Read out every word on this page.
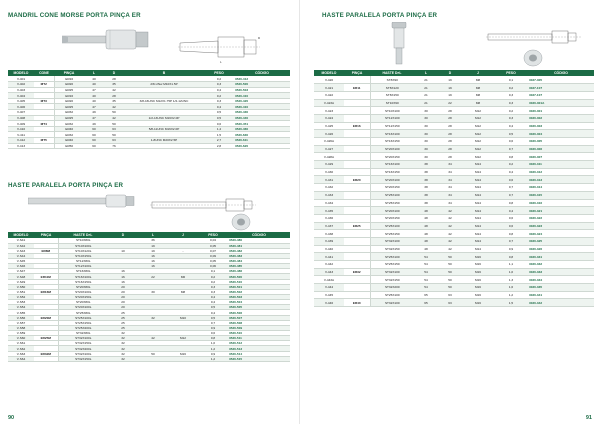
MANDRIL CONE MORSE PORTA PINÇA ER
L
D
MODELO	CONE	PINÇA	L	D	B	PESO	CÓDIGO
V-401		ER16	40	28		0,2	3520-412
V-402	MT2	ER20	40	35	2/8-UNw M10X1.5P	0,3	3520-500
V-403		ER25	47	42		0,4	3520-503
V-404		ER16	40	28		0,2	3520-410
V-405	MT3	ER20	40	35	3/8-16UNC M12X1.75P 1/2-12UNC	0,3	3520-420
V-406		ER25	47	42		0,4	3520-410
V-407		ER32	49	50		0,5	3520-430
V-408		ER25	47	42	1/2-13UNC M16X2.0P	0,5	3520-440
V-409	MT4	ER32	49	50		0,6	3520-451
V-410		ER40	60	63	5/8-11UNC M16X2.0P	1,4	3520-460
V-411		ER32	60	50		1,5	3520-630
V-412	MT5	ER40	60	63	1-8UNC M20X2.5P	2,7	3520-611
V-413		ER50	60	76		2,8	3520-620
HASTE PARALELA PORTA PINÇA ER
MODELO	PINÇA	HASTE D×L	D	L	J	PESO	CÓDIGO
V-S41		ST10X80L		36		0,04	3520-480
V-S42		ST10X100L		19		0,05	3520-481
V-S43	ER8M	ST10X120L	10	19	-	0,07	3520-482
V-S44		ST10X150L		16		0,09	3520-483
V-S45		ST12X80L		16		0,05	3520-484
V-S46		ST12X100L		16		0,06	3520-485
V-S47		ST16X80L	16			0,1	3520-486
V-S48	ER11M	ST16X100L	16	22	M6	0,2	3520-500
V-S49		ST16X150L	16			0,2	3520-510
V-S50		ST20X80L	20			0,3	3520-501
V-S51	ER16M	ST20X100L	20	30	M8	0,3	3520-502
V-S52		ST20X150L	20			0,4	3520-503
V-S53		ST20X80L	20			0,4	3520-504
V-S54		ST20X100L	20			0,5	3520-505
V-S55		ST25X80L	25			0,4	3520-506
V-S56	ER20M	ST25X100L	25	32	M10	0,5	3520-507
V-S57		ST25X150L	25			0,7	3520-508
V-S58		ST25X200L	25			0,9	3520-509
V-S59		ST32X80L	32			0,6	3520-510
V-S60	ER25M	ST32X100L	32	42	M12	0,8	3520-511
V-S61		ST32X150L	32			1,0	3520-512
V-S62		ST32X200L	32			1,2	3520-513
V-S63	ER32M	ST32X100L	32	50	M16	0,9	3520-514
V-S64		ST32X150L	32			1,2	3520-515
90
HASTE PARALELA PORTA PINÇA ER
MODELO	PINÇA	HASTE D×L	L	D	J	PESO	CÓDIGO
V-420		ST8X90	21	19	M8	0,1	3027-305
V-421	ER11	ST8X120	21	19	M8	0,2	3027-107
V-422		ST8X150	21	19	M8	0,3	3027-107
V-423A		ST10X90	21	22	M8	0,3	3020-301A
V-423		ST10X100	30	28	M12	0,2	3020-301
V-424		ST12X100	30	28	M12	0,3	3020-302
V-425	ER16	ST12X150	30	28	M12	0,4	3020-303
V-426		ST16X100	30	28	M12	0,5	3020-304
V-426A		ST16X150	30	28	M12	0,6	3020-305
V-427		ST20X100	30	28	M12	0,7	3020-306
V-428A		ST20X150	30	28	M12	0,8	3020-307
V-429		ST16X100	38	34	M14	0,2	3020-311
V-430		ST16X150	38	34	M14	0,4	3020-312
V-431	ER20	ST20X100	38	34	M14	0,6	3020-313
V-432		ST20X150	38	34	M14	0,7	3020-314
V-433		ST25X100	38	34	M14	0,7	3020-315
V-434		ST25X150	38	34	M14	0,8	3020-316
V-435		ST20X100	48	42	M14	0,4	3020-321
V-436		ST20X150	48	42	M14	0,6	3020-322
V-437	ER25	ST25X100	48	42	M14	0,6	3020-323
V-438		ST25X150	48	42	M14	0,8	3020-324
V-439		ST32X100	48	42	M14	0,7	3020-325
V-440		ST32X150	48	42	M14	0,9	3020-326
V-441		ST25X100	54	50	M16	0,8	3020-331
V-442		ST25X150	54	50	M16	1,1	3020-332
V-443	ER32	ST32X100	54	50	M16	1,0	3020-333
V-443A		ST32X150	54	50	M16	1,3	3020-334
V-444		ST32X200	54	50	M16	1,6	3020-335
V-445		ST25X100	65	63	M16	1,2	3020-341
V-446	ER40	ST32X100	65	63	M16	1,5	3020-342
91
